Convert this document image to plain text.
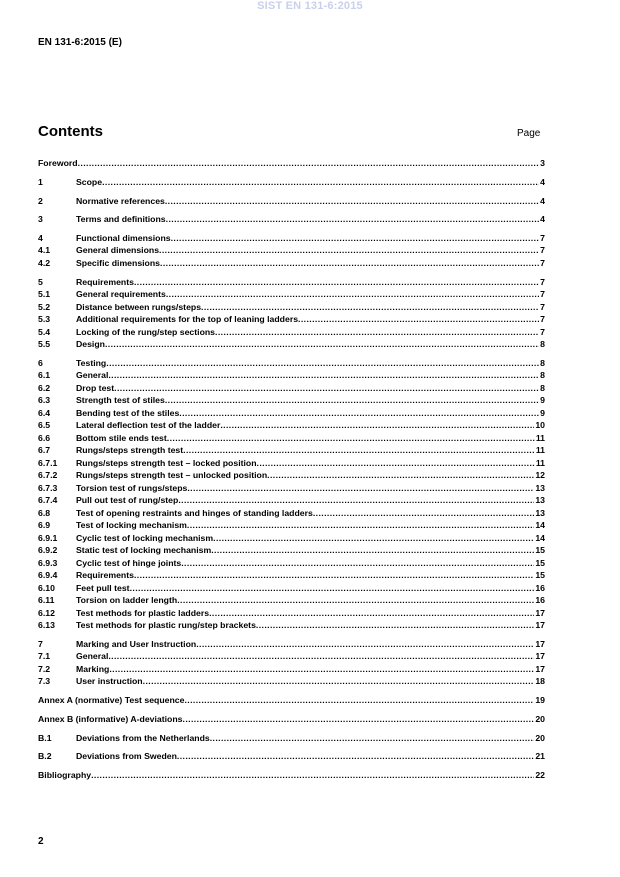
SIST EN 131-6:2015
EN 131-6:2015 (E)
Contents	Page
Foreword .....	3
1	Scope .....	4
2	Normative references .....	4
3	Terms and definitions .....	4
4	Functional dimensions .....	7
4.1	General dimensions .....	7
4.2	Specific dimensions .....	7
5	Requirements .....	7
5.1	General requirements .....	7
5.2	Distance between rungs/steps .....	7
5.3	Additional requirements for the top of leaning ladders .....	7
5.4	Locking of the rung/step sections .....	7
5.5	Design .....	8
6	Testing .....	8
6.1	General .....	8
6.2	Drop test .....	8
6.3	Strength test of stiles .....	9
6.4	Bending test of the stiles .....	9
6.5	Lateral deflection test of the ladder .....	10
6.6	Bottom stile ends test .....	11
6.7	Rungs/steps strength test .....	11
6.7.1	Rungs/steps strength test – locked position .....	11
6.7.2	Rungs/steps strength test – unlocked position .....	12
6.7.3	Torsion test of rungs/steps .....	13
6.7.4	Pull out test of rung/step .....	13
6.8	Test of opening restraints and hinges of standing ladders .....	13
6.9	Test of locking mechanism .....	14
6.9.1	Cyclic test of locking mechanism .....	14
6.9.2	Static test of locking mechanism .....	15
6.9.3	Cyclic test of hinge joints .....	15
6.9.4	Requirements .....	15
6.10	Feet pull test .....	16
6.11	Torsion on ladder length .....	16
6.12	Test methods for plastic ladders .....	17
6.13	Test methods for plastic rung/step brackets .....	17
7	Marking and User Instruction .....	17
7.1	General .....	17
7.2	Marking .....	17
7.3	User instruction .....	18
Annex A (normative) Test sequence .....	19
Annex B (informative) A-deviations .....	20
B.1	Deviations from the Netherlands .....	20
B.2	Deviations from Sweden .....	21
Bibliography .....	22
2
